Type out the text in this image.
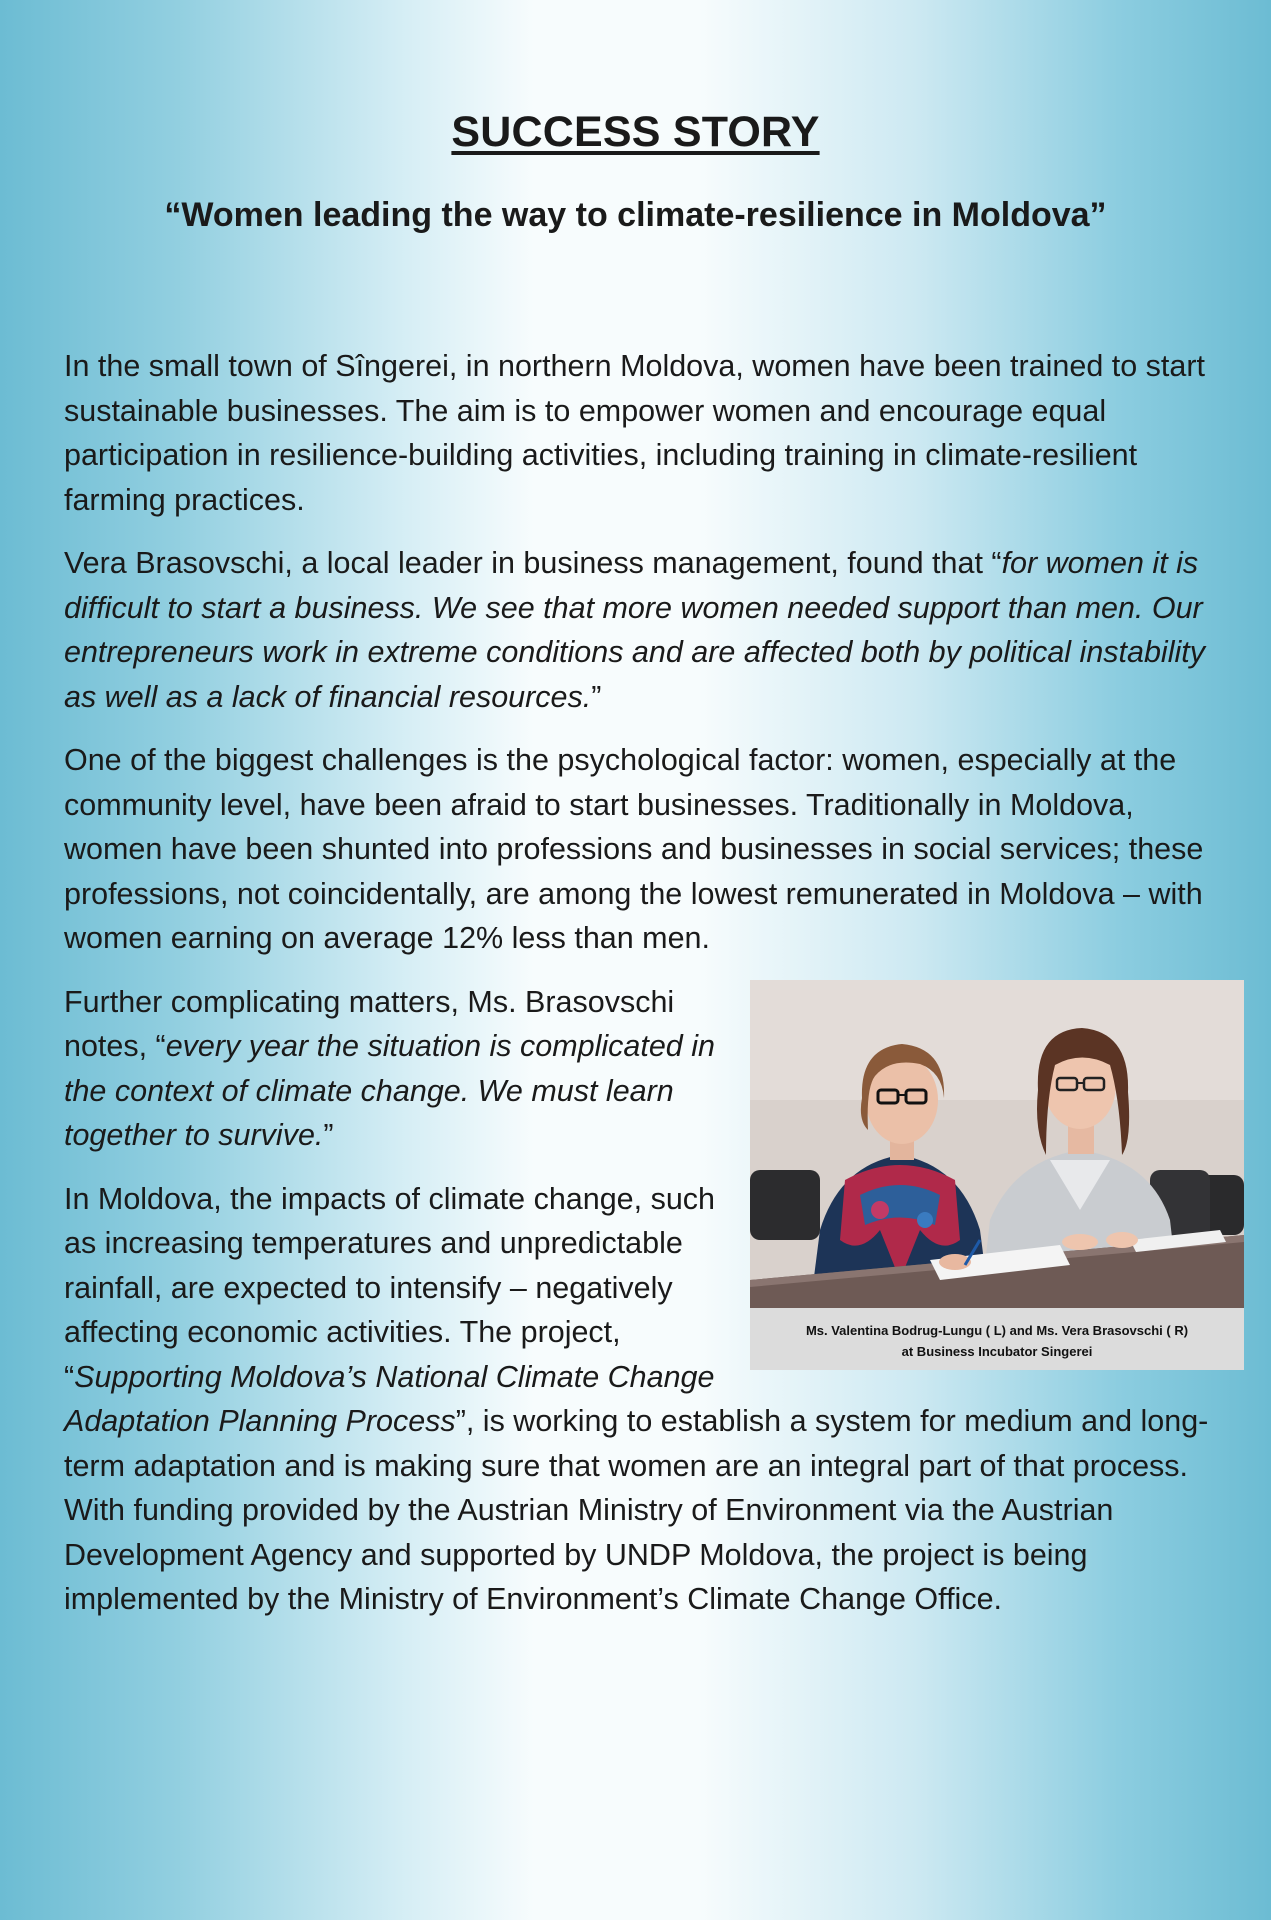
SUCCESS STORY
“Women leading the way to climate-resilience in Moldova”

In the small town of Sîngerei, in northern Moldova, women have been trained to start sustainable businesses. The aim is to empower women and encourage equal participation in resilience-building activities, including training in climate-resilient farming practices.

Vera Brasovschi, a local leader in business management, found that “for women it is difficult to start a business. We see that more women needed support than men. Our entrepreneurs work in extreme conditions and are affected both by political instability as well as a lack of financial resources.”

One of the biggest challenges is the psychological factor: women, especially at the community level, have been afraid to start businesses. Traditionally in Moldova, women have been shunted into professions and businesses in social services; these professions, not coincidentally, are among the lowest remunerated in Moldova – with women earning on average 12% less than men.

Ms. Valentina Bodrug-Lungu ( L) and Ms. Vera Brasovschi ( R)
at Business Incubator Singerei

Further complicating matters, Ms. Brasovschi notes, “every year the situation is complicated in the context of climate change. We must learn together to survive.”

In Moldova, the impacts of climate change, such as increasing temperatures and unpredictable rainfall, are expected to intensify – negatively affecting economic activities. The project, “Supporting Moldova’s National Climate Change Adaptation Planning Process”, is working to establish a system for medium and long-term adaptation and is making sure that women are an integral part of that process. With funding provided by the Austrian Ministry of Environment via the Austrian Development Agency and supported by UNDP Moldova, the project is being implemented by the Ministry of Environment’s Climate Change Office.
